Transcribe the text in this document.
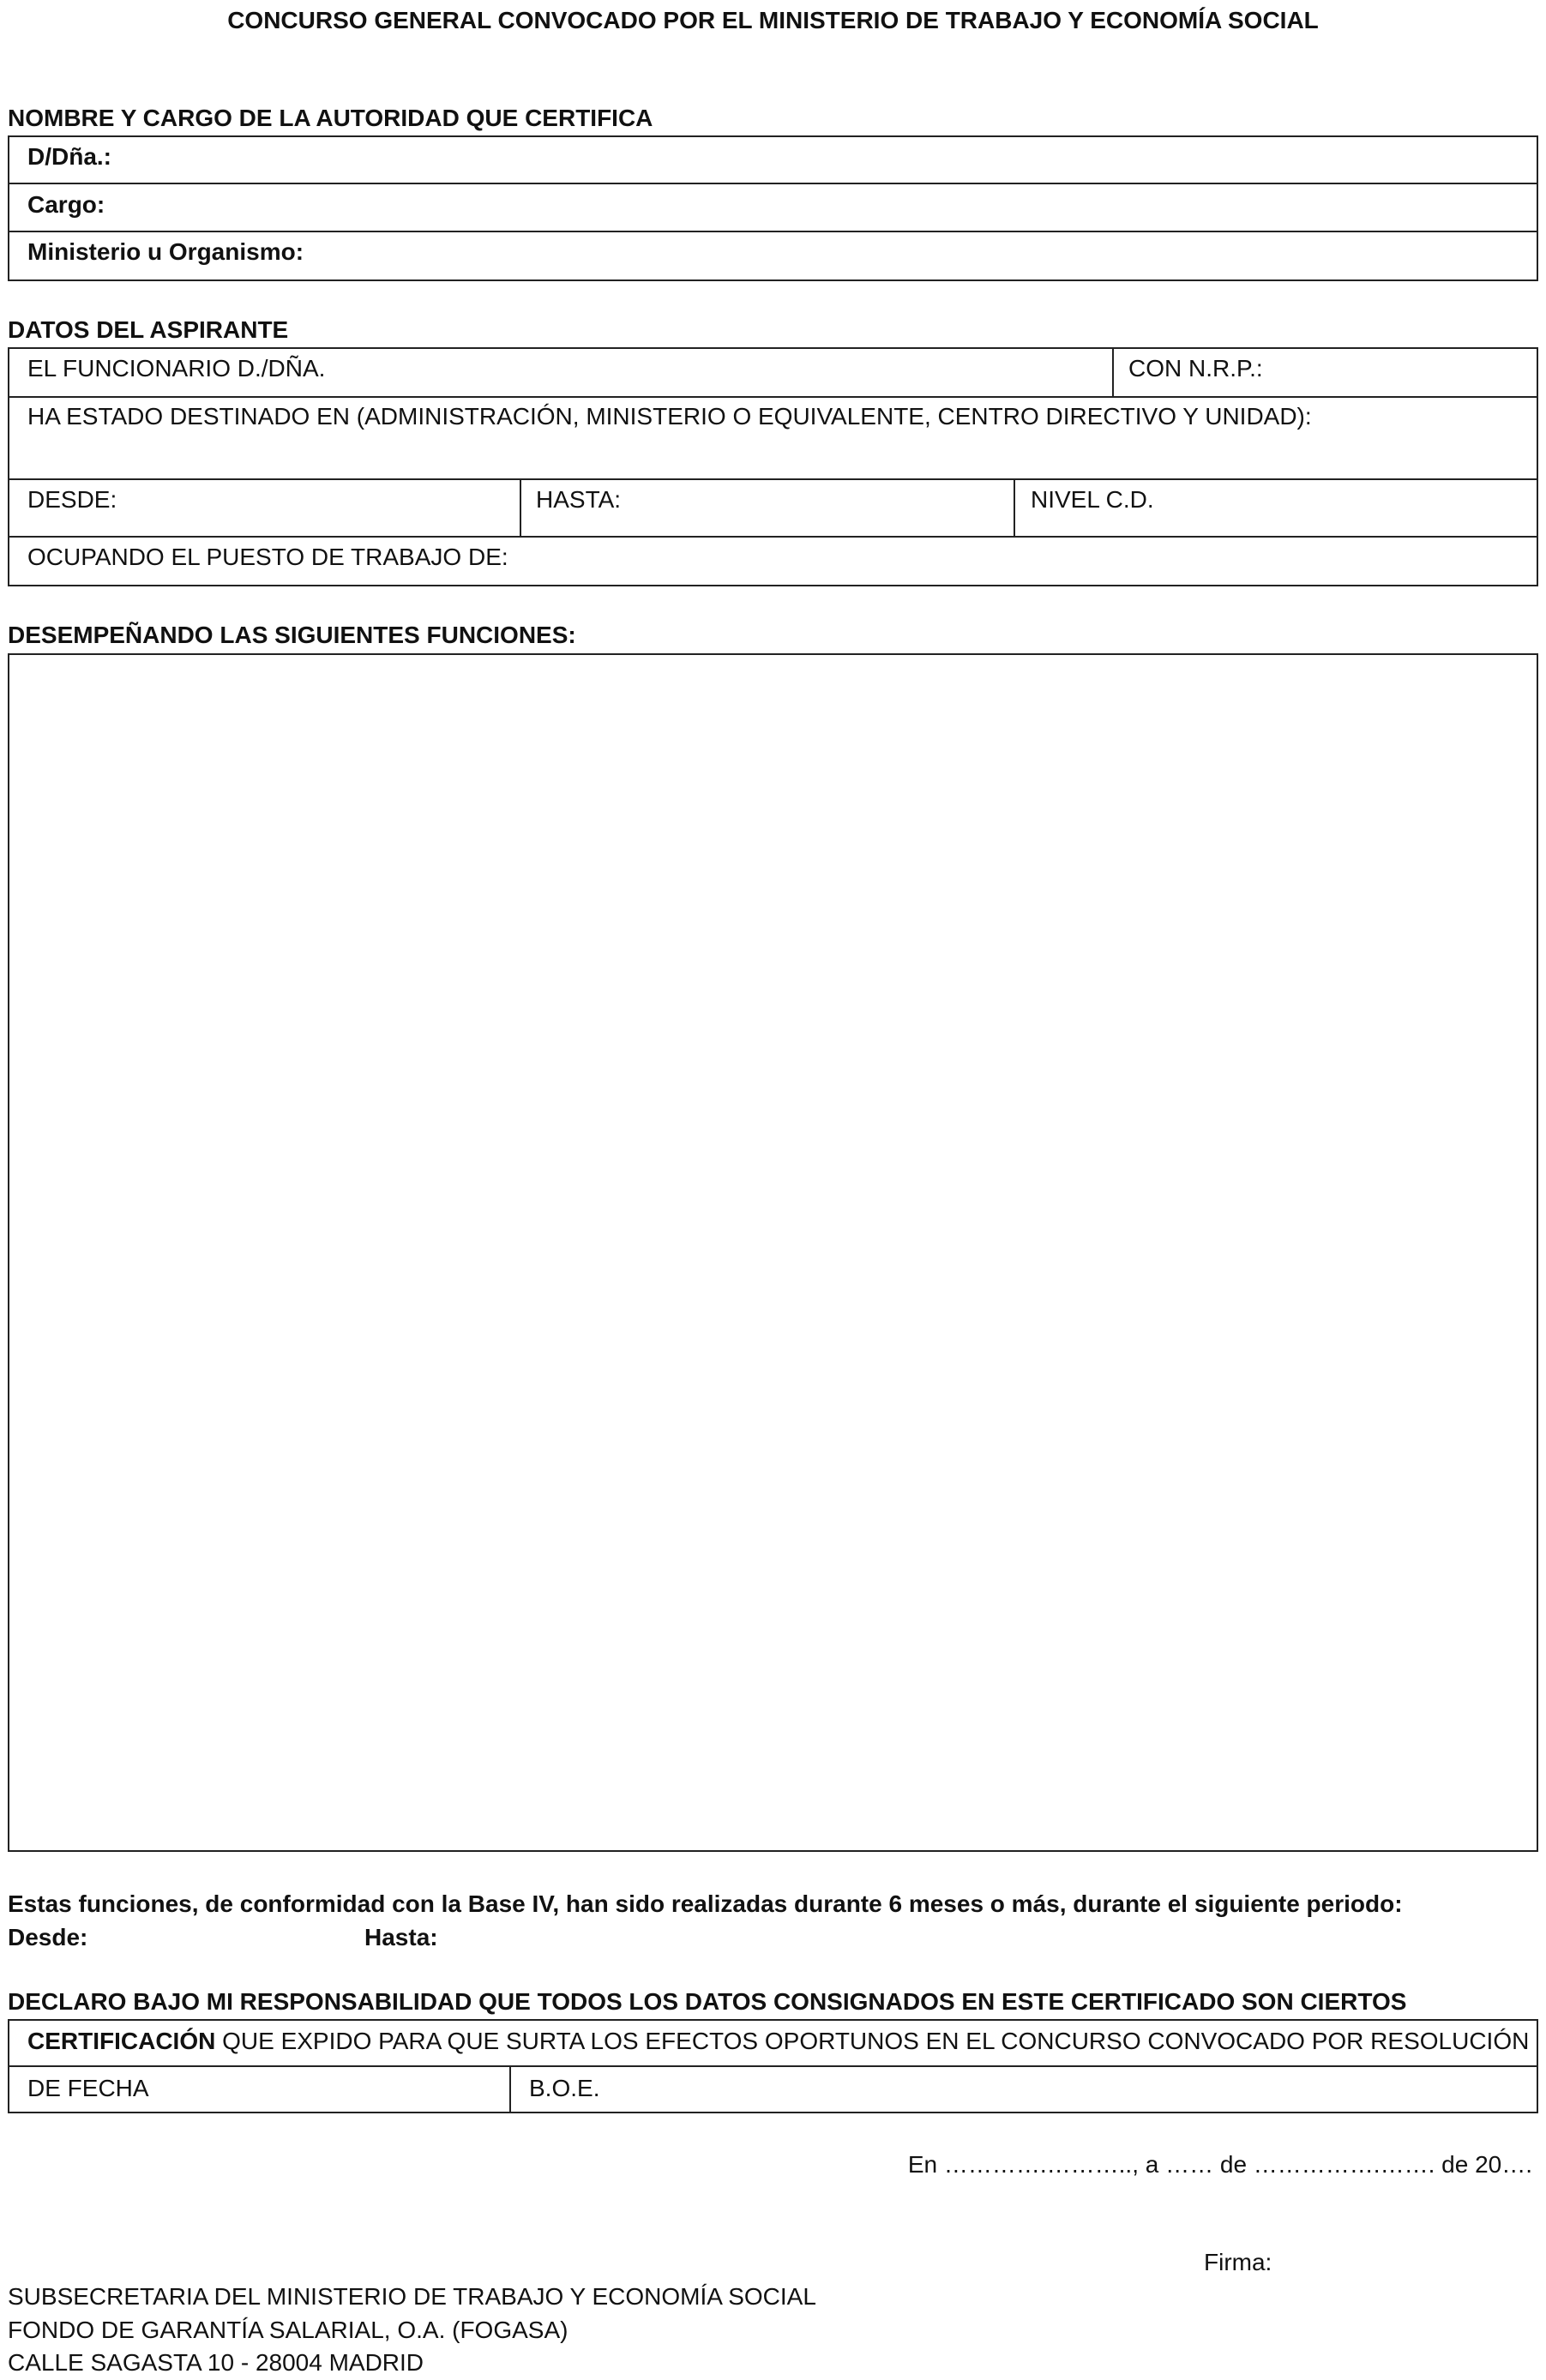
CONCURSO GENERAL CONVOCADO POR EL MINISTERIO DE TRABAJO Y ECONOMÍA SOCIAL
NOMBRE Y CARGO DE LA AUTORIDAD QUE CERTIFICA
D/Dña.:
Cargo:
Ministerio u Organismo:
DATOS DEL ASPIRANTE
EL FUNCIONARIO D./DÑA.	CON N.R.P.:
HA ESTADO DESTINADO EN (ADMINISTRACIÓN, MINISTERIO O EQUIVALENTE, CENTRO DIRECTIVO Y UNIDAD):
DESDE:	HASTA:	NIVEL C.D.
OCUPANDO EL PUESTO DE TRABAJO DE:
DESEMPEÑANDO LAS SIGUIENTES FUNCIONES:
Estas funciones, de conformidad con la Base IV, han sido realizadas durante 6 meses o más, durante el siguiente periodo:
Desde:	Hasta:
DECLARO BAJO MI RESPONSABILIDAD QUE TODOS LOS DATOS CONSIGNADOS EN ESTE CERTIFICADO SON CIERTOS
CERTIFICACIÓN QUE EXPIDO PARA QUE SURTA LOS EFECTOS OPORTUNOS EN EL CONCURSO CONVOCADO POR RESOLUCIÓN
DE FECHA	B.O.E.
En ………….……….., a …… de …………….……. de 20….
Firma:
SUBSECRETARIA DEL MINISTERIO DE TRABAJO Y ECONOMÍA SOCIAL
FONDO DE GARANTÍA SALARIAL, O.A. (FOGASA)
CALLE SAGASTA 10 - 28004 MADRID
